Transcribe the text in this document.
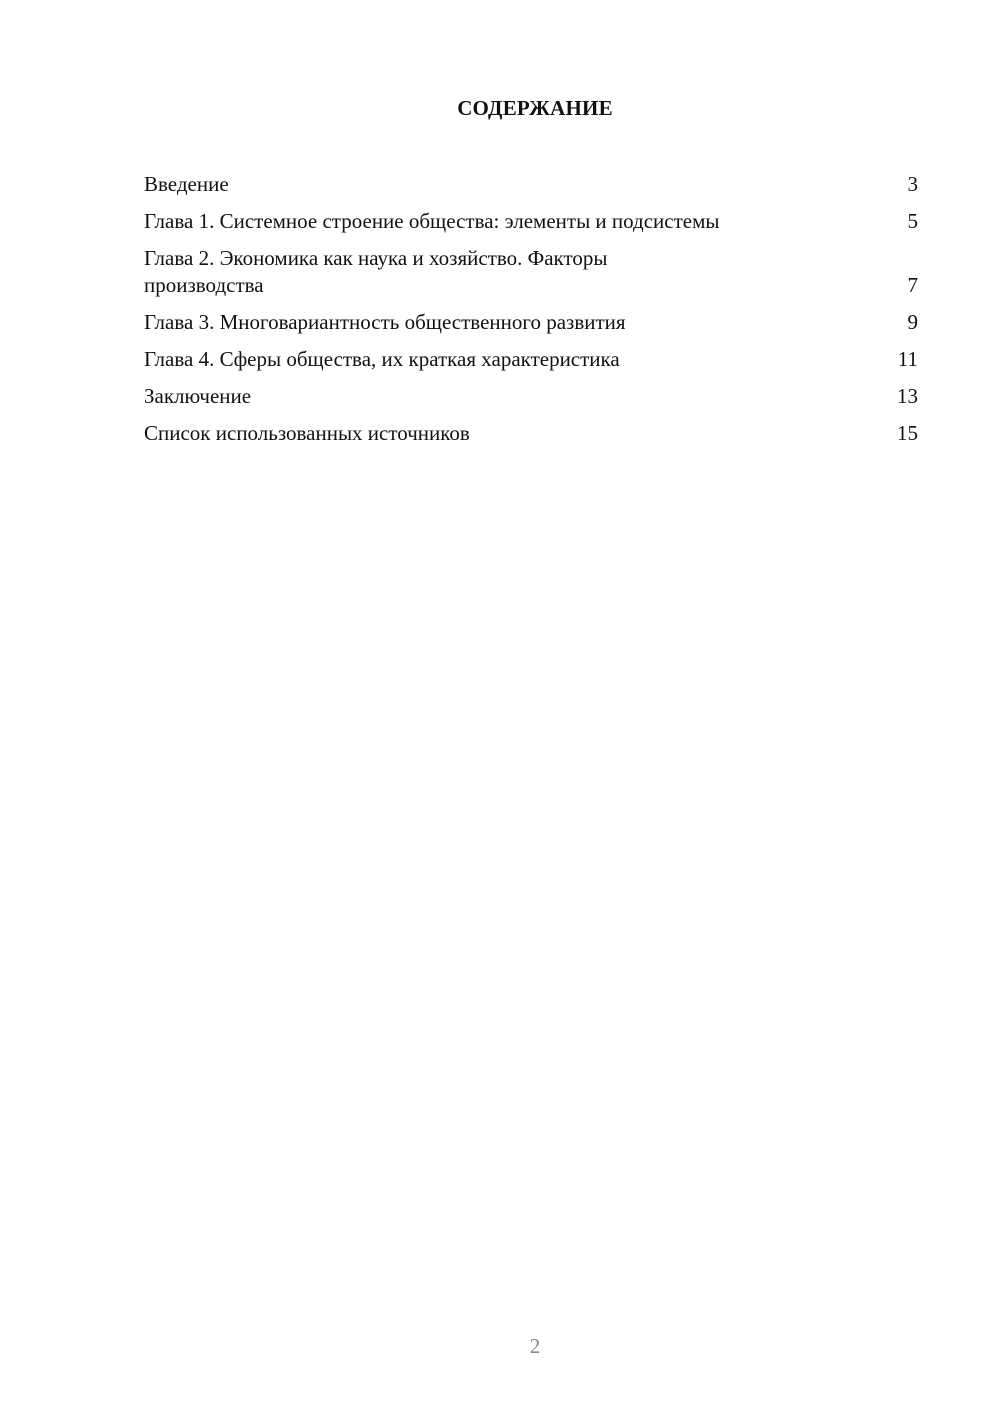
СОДЕРЖАНИЕ
Введение	3
Глава 1. Системное строение общества: элементы и подсистемы	5
Глава 2. Экономика как наука и хозяйство. Факторы производства	7
Глава 3. Многовариантность общественного развития	9
Глава 4. Сферы общества, их краткая характеристика	11
Заключение	13
Список использованных источников	15
2
